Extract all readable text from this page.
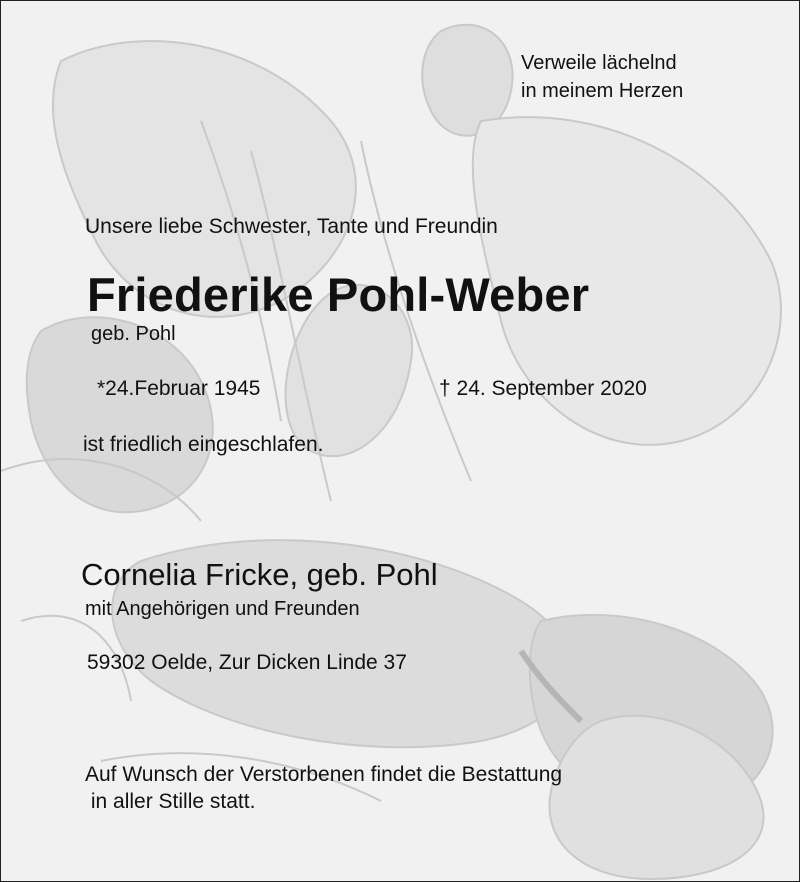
Verweile lächelnd
in meinem Herzen
Unsere liebe Schwester, Tante und Freundin
Friederike Pohl-Weber
geb. Pohl
*24.Februar 1945	† 24. September 2020
ist friedlich eingeschlafen.
Cornelia Fricke, geb. Pohl
mit Angehörigen und Freunden
59302 Oelde, Zur Dicken Linde 37
Auf Wunsch der Verstorbenen findet die Bestattung
in aller Stille statt.
